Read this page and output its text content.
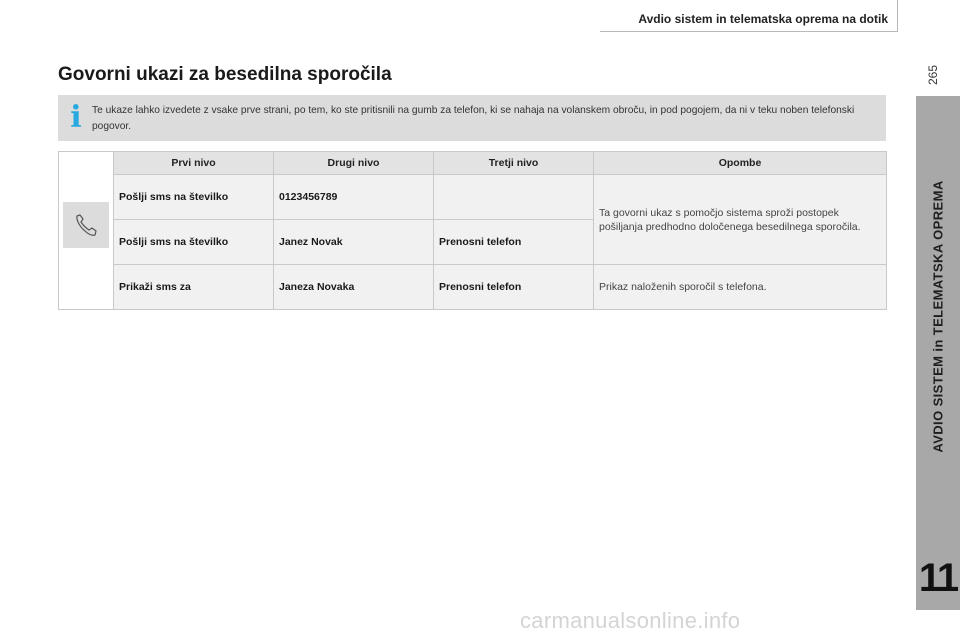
Avdio sistem in telematska oprema na dotik
265
AVDIO SISTEM in TELEMATSKA OPREMA
11
Govorni ukazi za besedilna sporočila
i Te ukaze lahko izvedete z vsake prve strani, po tem, ko ste pritisnili na gumb za telefon, ki se nahaja na volanskem obroču, in pod pogojem, da ni v teku noben telefonski pogovor.
	Prvi nivo	Drugi nivo	Tretji nivo	Opombe
	Pošlji sms na številko	0123456789		Ta govorni ukaz s pomočjo sistema sproži postopek pošiljanja predhodno določenega besedilnega sporočila.
	Pošlji sms na številko	Janez Novak	Prenosni telefon	
	Prikaži sms za	Janeza Novaka	Prenosni telefon	Prikaz naloženih sporočil s telefona.
carmanualsonline.info
